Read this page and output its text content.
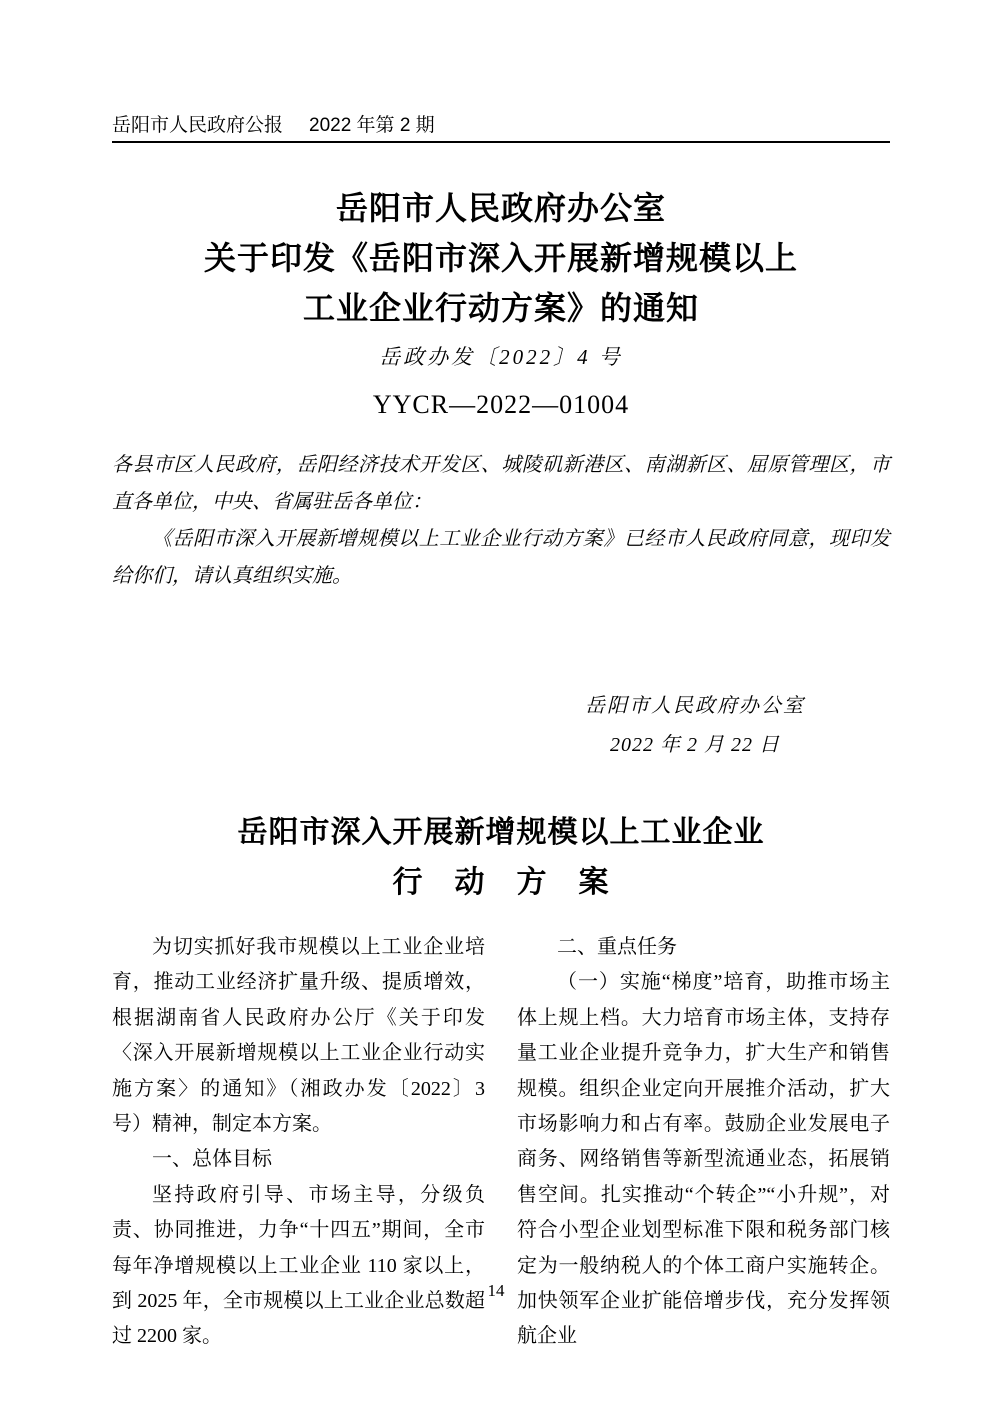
岳阳市人民政府公报 2022 年第 2 期
岳阳市人民政府办公室
关于印发《岳阳市深入开展新增规模以上
工业企业行动方案》的通知
岳政办发〔2022〕4 号
YYCR—2022—01004

各县市区人民政府，岳阳经济技术开发区、城陵矶新港区、南湖新区、屈原管理区，市直各单位，中央、省属驻岳各单位：

《岳阳市深入开展新增规模以上工业企业行动方案》已经市人民政府同意，现印发给你们，请认真组织实施。

岳阳市人民政府办公室
2022 年 2 月 22 日
岳阳市深入开展新增规模以上工业企业
行　动　方　案

为切实抓好我市规模以上工业企业培育，推动工业经济扩量升级、提质增效，根据湖南省人民政府办公厅《关于印发〈深入开展新增规模以上工业企业行动实施方案〉的通知》（湘政办发〔2022〕3 号）精神，制定本方案。

一、总体目标

坚持政府引导、市场主导，分级负责、协同推进，力争“十四五”期间，全市每年净增规模以上工业企业 110 家以上，到 2025 年，全市规模以上工业企业总数超过 2200 家。

二、重点任务

（一）实施“梯度”培育，助推市场主体上规上档。大力培育市场主体，支持存量工业企业提升竞争力，扩大生产和销售规模。组织企业定向开展推介活动，扩大市场影响力和占有率。鼓励企业发展电子商务、网络销售等新型流通业态，拓展销售空间。扎实推动“个转企”“小升规”，对符合小型企业划型标准下限和税务部门核定为一般纳税人的个体工商户实施转企。加快领军企业扩能倍增步伐，充分发挥领航企业

14
